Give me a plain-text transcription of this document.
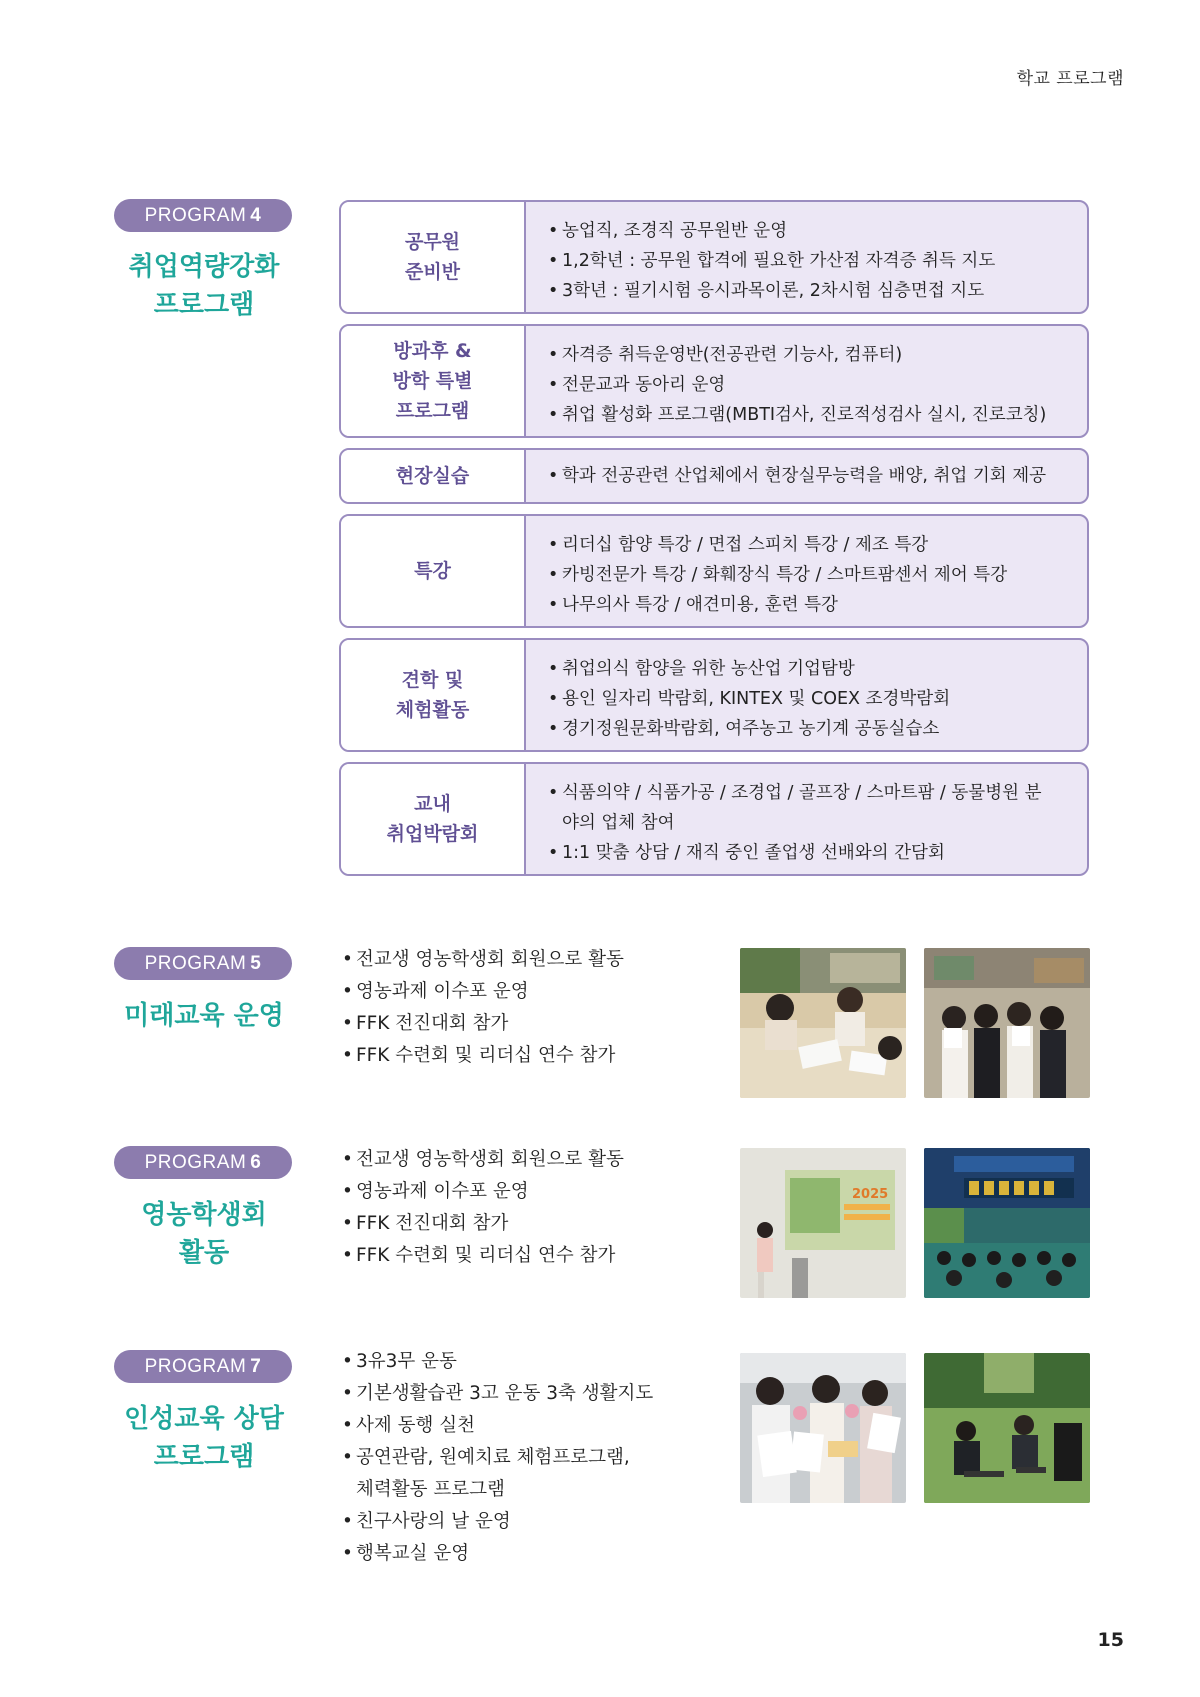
학교 프로그램
PROGRAM 4
취업역량강화
프로그램
공무원
준비반
• 농업직, 조경직 공무원반 운영
• 1,2학년 : 공무원 합격에 필요한 가산점 자격증 취득 지도
• 3학년 : 필기시험 응시과목이론, 2차시험 심층면접 지도
방과후 &
방학 특별
프로그램
• 자격증 취득운영반(전공관련 기능사, 컴퓨터)
• 전문교과 동아리 운영
• 취업 활성화 프로그램(MBTI검사, 진로적성검사 실시, 진로코칭)
현장실습
•	학과 전공관련 산업체에서 현장실무능력을 배양, 취업 기회 제공
특강
• 리더십 함양 특강 / 면접 스피치 특강 / 제조 특강
• 카빙전문가 특강 / 화훼장식 특강 / 스마트팜센서 제어 특강
• 나무의사 특강 / 애견미용, 훈련 특강
견학 및
체험활동
• 취업의식 함양을 위한 농산업 기업탐방
• 용인 일자리 박람회, KINTEX 및 COEX 조경박람회
• 경기정원문화박람회, 여주농고 농기계 공동실습소
교내
취업박람회
• 식품의약 / 식품가공 / 조경업 / 골프장 / 스마트팜 / 동물병원 분야의 업체 참여
• 1:1 맞춤 상담 / 재직 중인 졸업생 선배와의 간담회
PROGRAM 5
미래교육 운영
• 전교생 영농학생회 회원으로 활동
• 영농과제 이수포 운영
• FFK 전진대회 참가
• FFK 수련회 및 리더십 연수 참가
PROGRAM 6
영농학생회
활동
• 전교생 영농학생회 회원으로 활동
• 영농과제 이수포 운영
• FFK 전진대회 참가
• FFK 수련회 및 리더십 연수 참가
2025
PROGRAM 7
인성교육 상담
프로그램
• 3유3무 운동
• 기본생활습관 3고 운동 3축 생활지도
• 사제 동행 실천
• 공연관람, 원예치료 체험프로그램,
체력활동 프로그램
• 친구사랑의 날 운영
• 행복교실 운영
15
